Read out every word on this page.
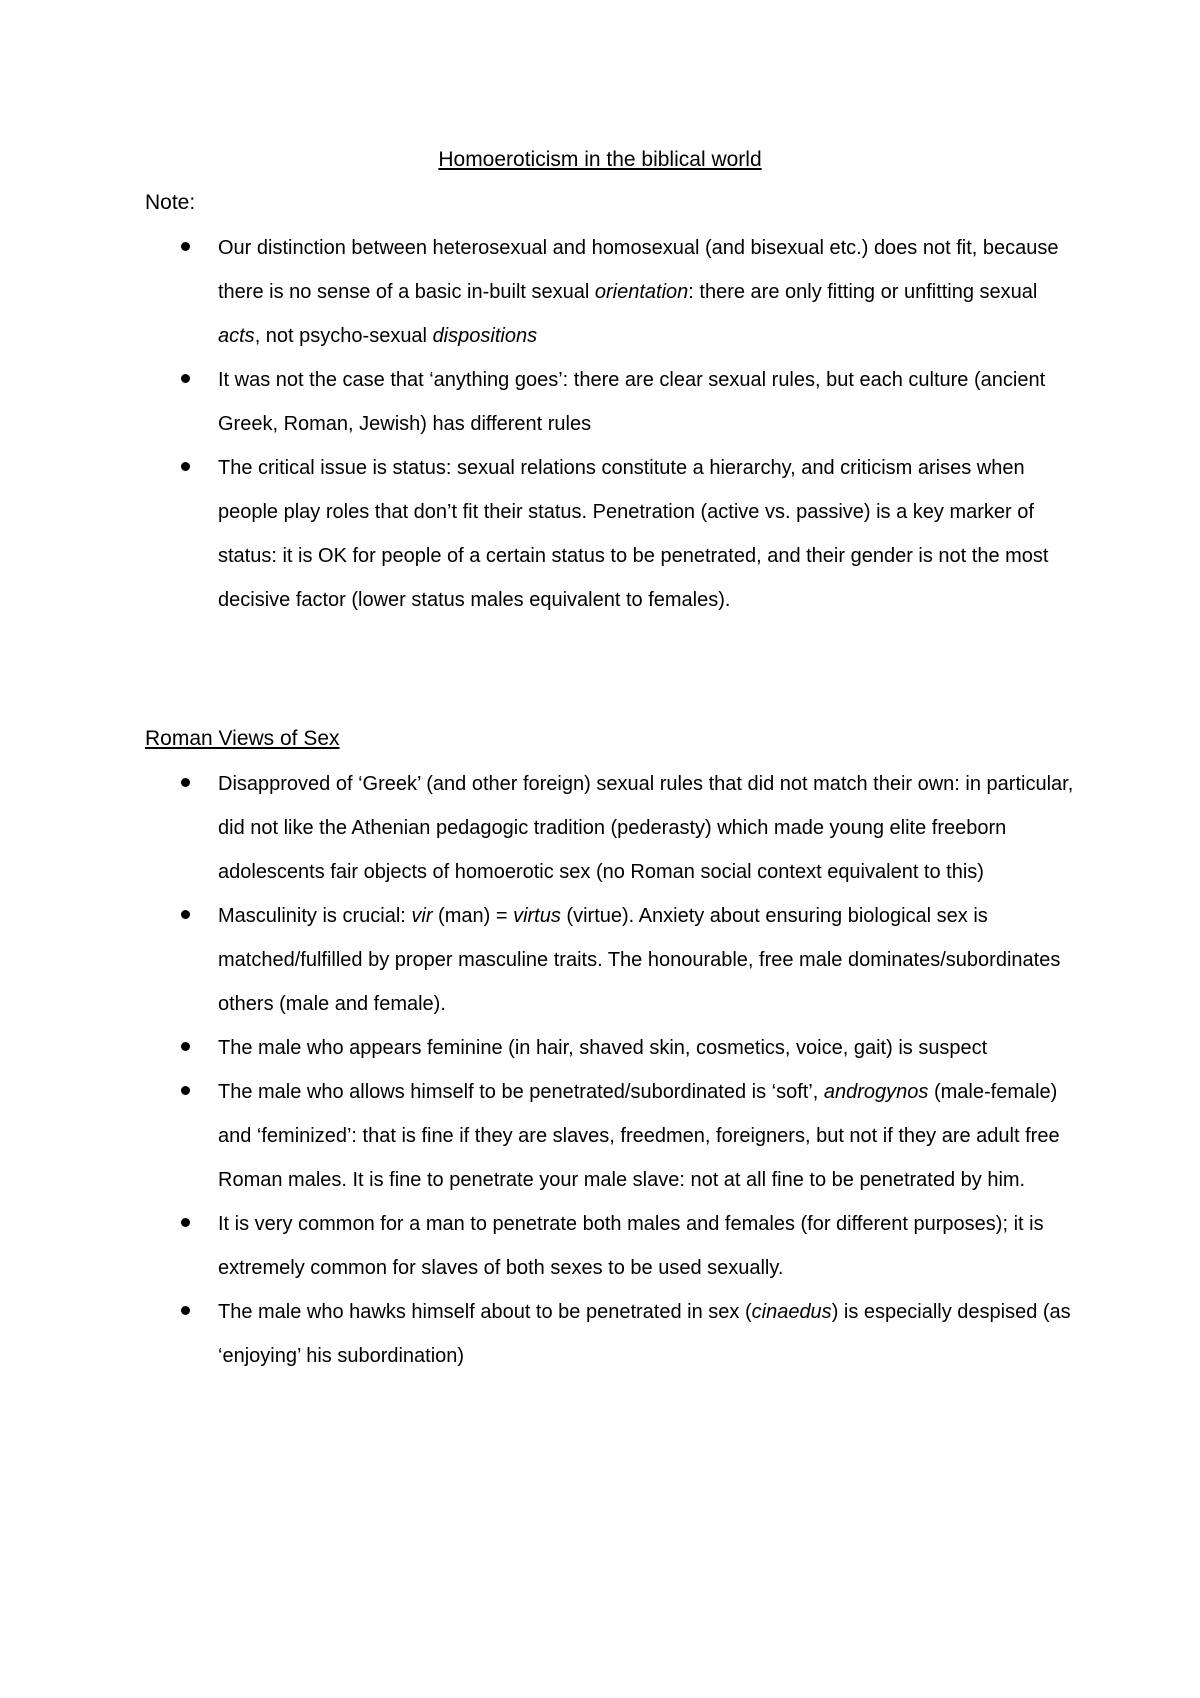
Homoeroticism in the biblical world
Note:
Our distinction between heterosexual and homosexual (and bisexual etc.) does not fit, because there is no sense of a basic in-built sexual orientation: there are only fitting or unfitting sexual acts, not psycho-sexual dispositions
It was not the case that ‘anything goes’: there are clear sexual rules, but each culture (ancient Greek, Roman, Jewish) has different rules
The critical issue is status: sexual relations constitute a hierarchy, and criticism arises when people play roles that don’t fit their status. Penetration (active vs. passive) is a key marker of status: it is OK for people of a certain status to be penetrated, and their gender is not the most decisive factor (lower status males equivalent to females).
Roman Views of Sex
Disapproved of ‘Greek’ (and other foreign) sexual rules that did not match their own: in particular, did not like the Athenian pedagogic tradition (pederasty) which made young elite freeborn adolescents fair objects of homoerotic sex (no Roman social context equivalent to this)
Masculinity is crucial: vir (man) = virtus (virtue). Anxiety about ensuring biological sex is matched/fulfilled by proper masculine traits. The honourable, free male dominates/subordinates others (male and female).
The male who appears feminine (in hair, shaved skin, cosmetics, voice, gait) is suspect
The male who allows himself to be penetrated/subordinated is ‘soft’, androgynos (male-female) and ‘feminized’: that is fine if they are slaves, freedmen, foreigners, but not if they are adult free Roman males. It is fine to penetrate your male slave: not at all fine to be penetrated by him.
It is very common for a man to penetrate both males and females (for different purposes); it is extremely common for slaves of both sexes to be used sexually.
The male who hawks himself about to be penetrated in sex (cinaedus) is especially despised (as ‘enjoying’ his subordination)
